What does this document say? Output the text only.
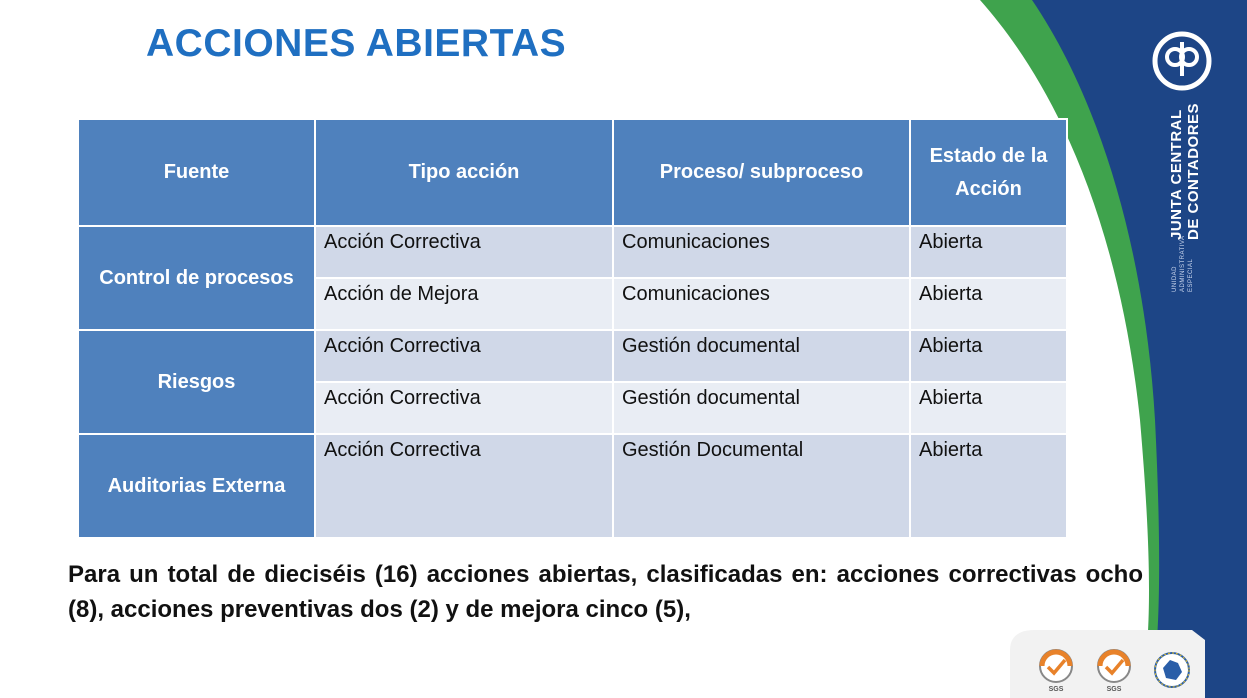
ACCIONES ABIERTAS
UNIDAD ADMINISTRATIVA ESPECIAL
JUNTA CENTRAL DE CONTADORES
Fuente	Tipo acción	Proceso/ subproceso	Estado de la Acción
Control de procesos	Acción Correctiva	Comunicaciones	Abierta
	Acción de Mejora	Comunicaciones	Abierta
Riesgos	Acción Correctiva	Gestión documental	Abierta
	Acción Correctiva	Gestión documental	Abierta
Auditorias Externa	Acción Correctiva	Gestión Documental	Abierta

Para un total de dieciséis (16) acciones abiertas, clasificadas en: acciones correctivas ocho (8), acciones preventivas dos (2) y de mejora cinco (5),

SGS	SGS
